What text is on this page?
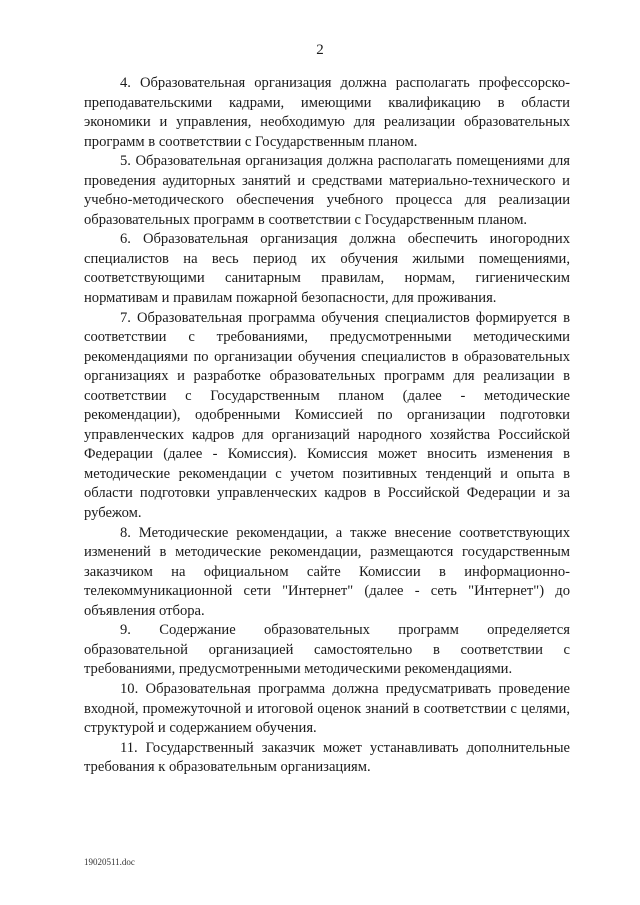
2

4. Образовательная организация должна располагать профессорско-преподавательскими кадрами, имеющими квалификацию в области экономики и управления, необходимую для реализации образовательных программ в соответствии с Государственным планом.

5. Образовательная организация должна располагать помещениями для проведения аудиторных занятий и средствами материально-технического и учебно-методического обеспечения учебного процесса для реализации образовательных программ в соответствии с Государственным планом.

6. Образовательная организация должна обеспечить иногородних специалистов на весь период их обучения жилыми помещениями, соответствующими санитарным правилам, нормам, гигиеническим нормативам и правилам пожарной безопасности, для проживания.

7. Образовательная программа обучения специалистов формируется в соответствии с требованиями, предусмотренными методическими рекомендациями по организации обучения специалистов в образовательных организациях и разработке образовательных программ для реализации в соответствии с Государственным планом (далее - методические рекомендации), одобренными Комиссией по организации подготовки управленческих кадров для организаций народного хозяйства Российской Федерации (далее - Комиссия). Комиссия может вносить изменения в методические рекомендации с учетом позитивных тенденций и опыта в области подготовки управленческих кадров в Российской Федерации и за рубежом.

8. Методические рекомендации, а также внесение соответствующих изменений в методические рекомендации, размещаются государственным заказчиком на официальном сайте Комиссии в информационно-телекоммуникационной сети "Интернет" (далее - сеть "Интернет") до объявления отбора.

9. Содержание образовательных программ определяется образовательной организацией самостоятельно в соответствии с требованиями, предусмотренными методическими рекомендациями.

10. Образовательная программа должна предусматривать проведение входной, промежуточной и итоговой оценок знаний в соответствии с целями, структурой и содержанием обучения.

11. Государственный заказчик может устанавливать дополнительные требования к образовательным организациям.

19020511.doc
